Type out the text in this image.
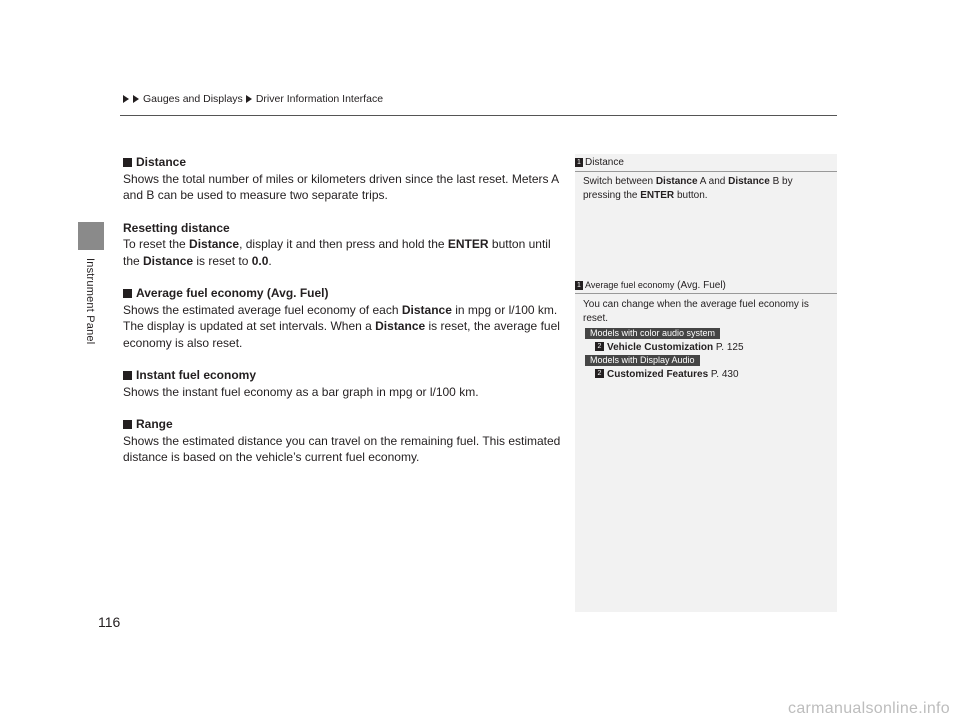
Gauges and Displays Driver Information Interface
Instrument Panel
Distance

Shows the total number of miles or kilometers driven since the last reset. Meters A and B can be used to measure two separate trips.

Resetting distance

To reset the Distance, display it and then press and hold the ENTER button until the Distance is reset to 0.0.

Average fuel economy (Avg. Fuel)

Shows the estimated average fuel economy of each Distance in mpg or l/100 km. The display is updated at set intervals. When a Distance is reset, the average fuel economy is also reset.

Instant fuel economy

Shows the instant fuel economy as a bar graph in mpg or l/100 km.

Range

Shows the estimated distance you can travel on the remaining fuel. This estimated distance is based on the vehicle’s current fuel economy.

1 Distance
Switch between Distance A and Distance B by pressing the ENTER button.
1 Average fuel economy (Avg. Fuel)
You can change when the average fuel economy is reset.
Models with color audio system
2 Vehicle Customization P. 125
Models with Display Audio
2 Customized Features P. 430
116
carmanualsonline.info
